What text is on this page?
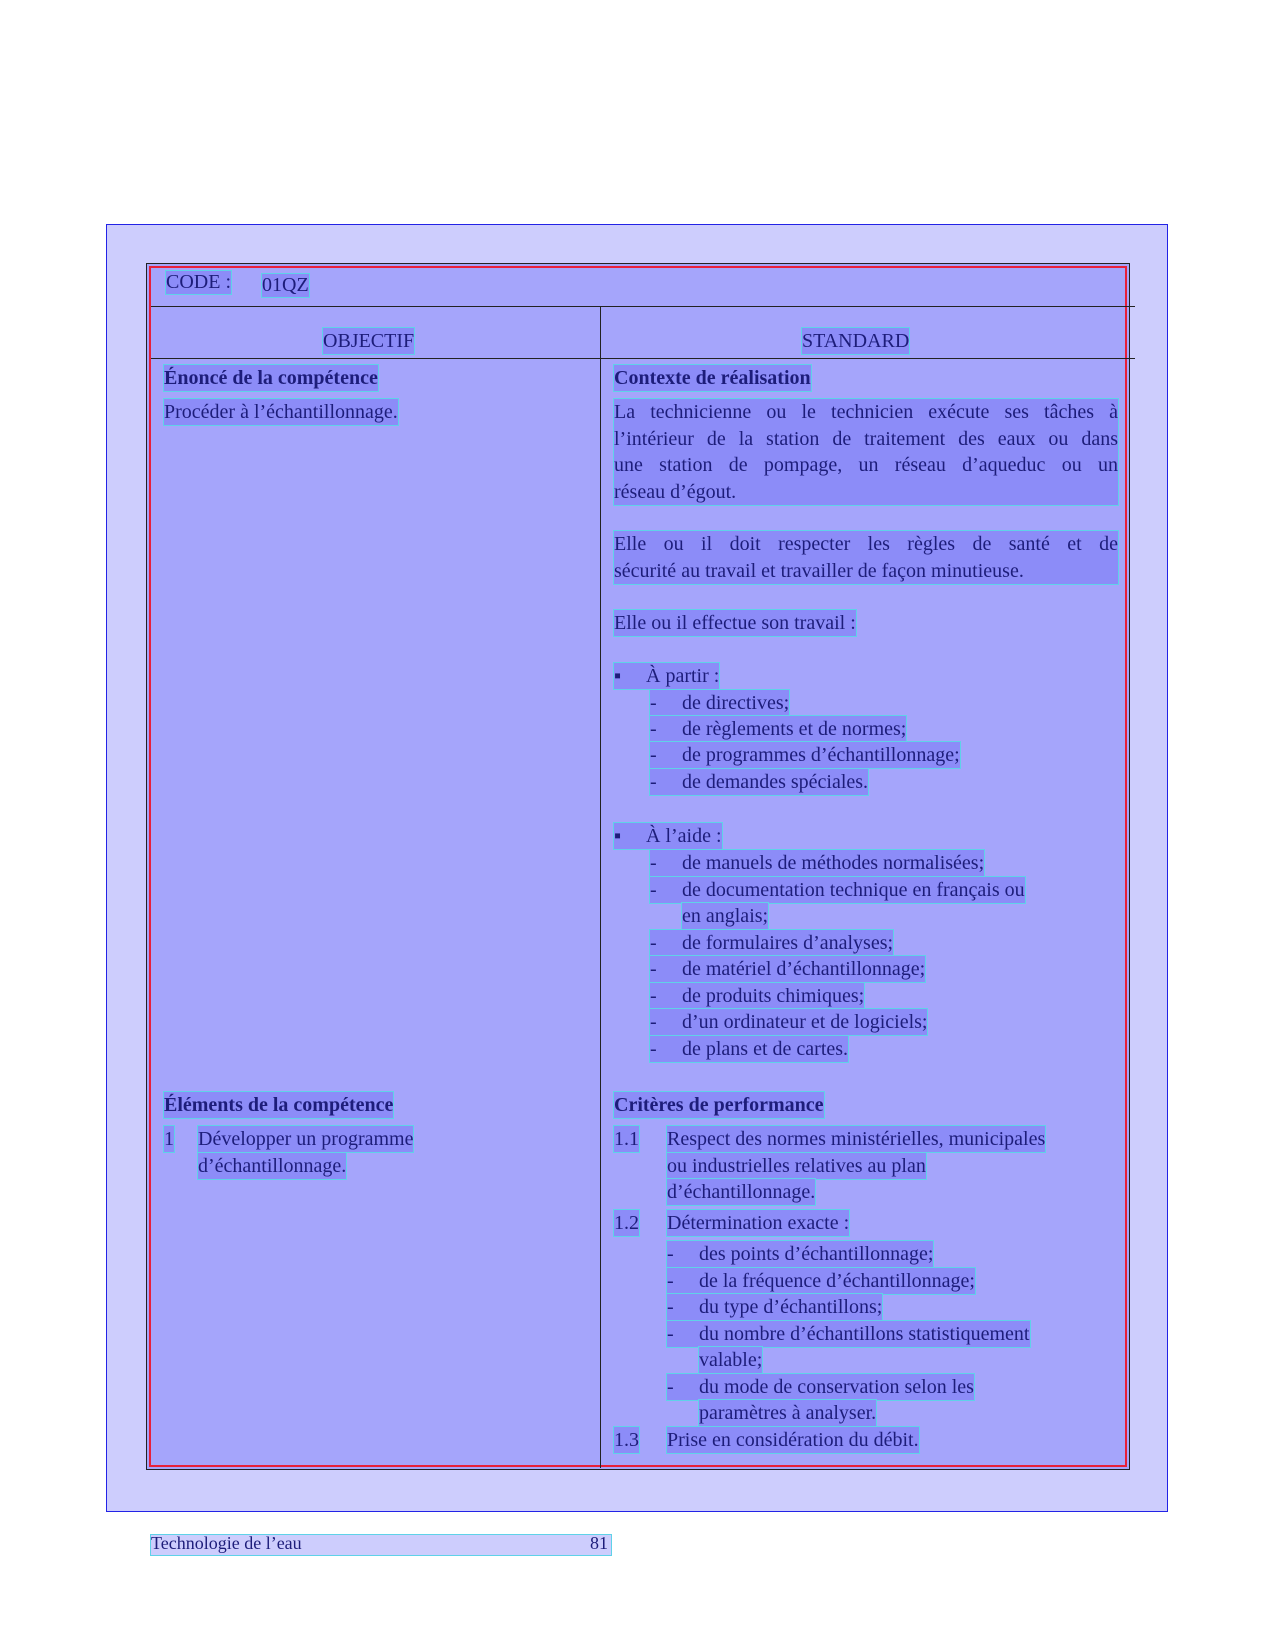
CODE : 01QZ
OBJECTIF	STANDARD
Énoncé de la compétence
Procéder à l’échantillonnage.
Contexte de réalisation
La technicienne ou le technicien exécute ses tâches à
l’intérieur de la station de traitement des eaux ou dans
une station de pompage, un réseau d’aqueduc ou un
réseau d’égout.
Elle ou il doit respecter les règles de santé et de
sécurité au travail et travailler de façon minutieuse.
Elle ou il effectue son travail :
▪ À partir :
- de directives;
- de règlements et de normes;
- de programmes d’échantillonnage;
- de demandes spéciales.
▪ À l’aide :
- de manuels de méthodes normalisées;
- de documentation technique en français ou
en anglais;
- de formulaires d’analyses;
- de matériel d’échantillonnage;
- de produits chimiques;
- d’un ordinateur et de logiciels;
- de plans et de cartes.
Éléments de la compétence
1 Développer un programme
d’échantillonnage.
Critères de performance
1.1 Respect des normes ministérielles, municipales
ou industrielles relatives au plan
d’échantillonnage.
1.2 Détermination exacte :
- des points d’échantillonnage;
- de la fréquence d’échantillonnage;
- du type d’échantillons;
- du nombre d’échantillons statistiquement
valable;
- du mode de conservation selon les
paramètres à analyser.
1.3 Prise en considération du débit.
Technologie de l’eau	81
